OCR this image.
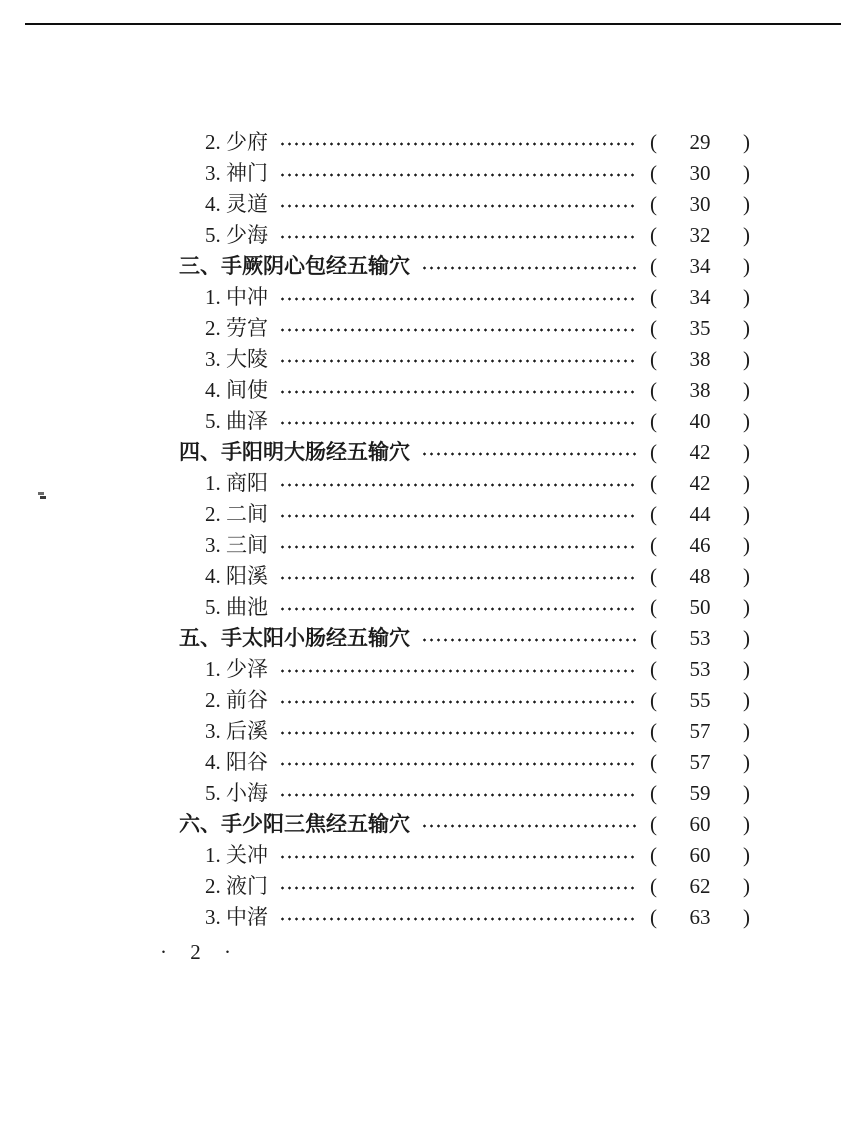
2. 少府	( 29 )
3. 神门	( 30 )
4. 灵道	( 30 )
5. 少海	( 32 )
三、手厥阴心包经五输穴	( 34 )
1. 中冲	( 34 )
2. 劳宫	( 35 )
3. 大陵	( 38 )
4. 间使	( 38 )
5. 曲泽	( 40 )
四、手阳明大肠经五输穴	( 42 )
1. 商阳	( 42 )
2. 二间	( 44 )
3. 三间	( 46 )
4. 阳溪	( 48 )
5. 曲池	( 50 )
五、手太阳小肠经五输穴	( 53 )
1. 少泽	( 53 )
2. 前谷	( 55 )
3. 后溪	( 57 )
4. 阳谷	( 57 )
5. 小海	( 59 )
六、手少阳三焦经五输穴	( 60 )
1. 关冲	( 60 )
2. 液门	( 62 )
3. 中渚	( 63 )
· 2 ·
